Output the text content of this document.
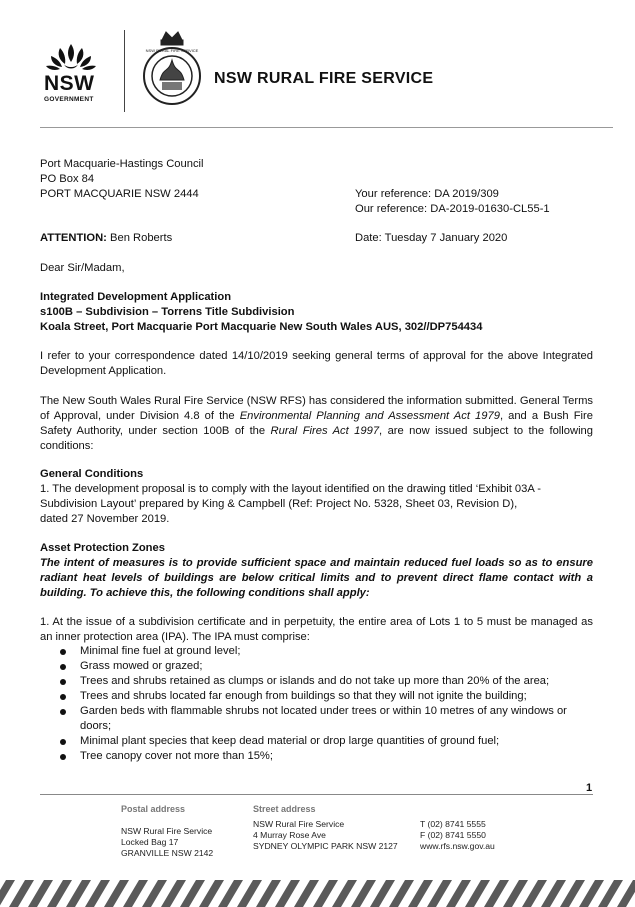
NSW
GOVERNMENT
NSW RURAL FIRE SERVICE
NSW RURAL FIRE SERVICE
Port Macquarie-Hastings Council
PO Box 84
PORT MACQUARIE NSW 2444	Your reference: DA 2019/309
Our reference: DA-2019-01630-CL55-1
ATTENTION: Ben Roberts	Date: Tuesday 7 January 2020
Dear Sir/Madam,
Integrated Development Application
s100B – Subdivision – Torrens Title Subdivision
Koala Street, Port Macquarie Port Macquarie New South Wales AUS, 302//DP754434
I refer to your correspondence dated 14/10/2019 seeking general terms of approval for the above Integrated Development Application.
The New South Wales Rural Fire Service (NSW RFS) has considered the information submitted. General Terms of Approval, under Division 4.8 of the Environmental Planning and Assessment Act 1979, and a Bush Fire Safety Authority, under section 100B of the Rural Fires Act 1997, are now issued subject to the following conditions:
General Conditions
1. The development proposal is to comply with the layout identified on the drawing titled ‘Exhibit 03A -
Subdivision Layout’ prepared by King & Campbell (Ref: Project No. 5328, Sheet 03, Revision D),
dated 27 November 2019.
Asset Protection Zones
The intent of measures is to provide sufficient space and maintain reduced fuel loads so as to ensure radiant heat levels of buildings are below critical limits and to prevent direct flame contact with a building. To achieve this, the following conditions shall apply:
1. At the issue of a subdivision certificate and in perpetuity, the entire area of Lots 1 to 5 must be managed as an inner protection area (IPA). The IPA must comprise:
Minimal fine fuel at ground level;
Grass mowed or grazed;
Trees and shrubs retained as clumps or islands and do not take up more than 20% of the area;
Trees and shrubs located far enough from buildings so that they will not ignite the building;
Garden beds with flammable shrubs not located under trees or within 10 metres of any windows or doors;
Minimal plant species that keep dead material or drop large quantities of ground fuel;
Tree canopy cover not more than 15%;
1
Postal address
NSW Rural Fire Service
Locked Bag 17
GRANVILLE NSW 2142
Street address
NSW Rural Fire Service
4 Murray Rose Ave
SYDNEY OLYMPIC PARK NSW 2127
T (02) 8741 5555
F (02) 8741 5550
www.rfs.nsw.gov.au
